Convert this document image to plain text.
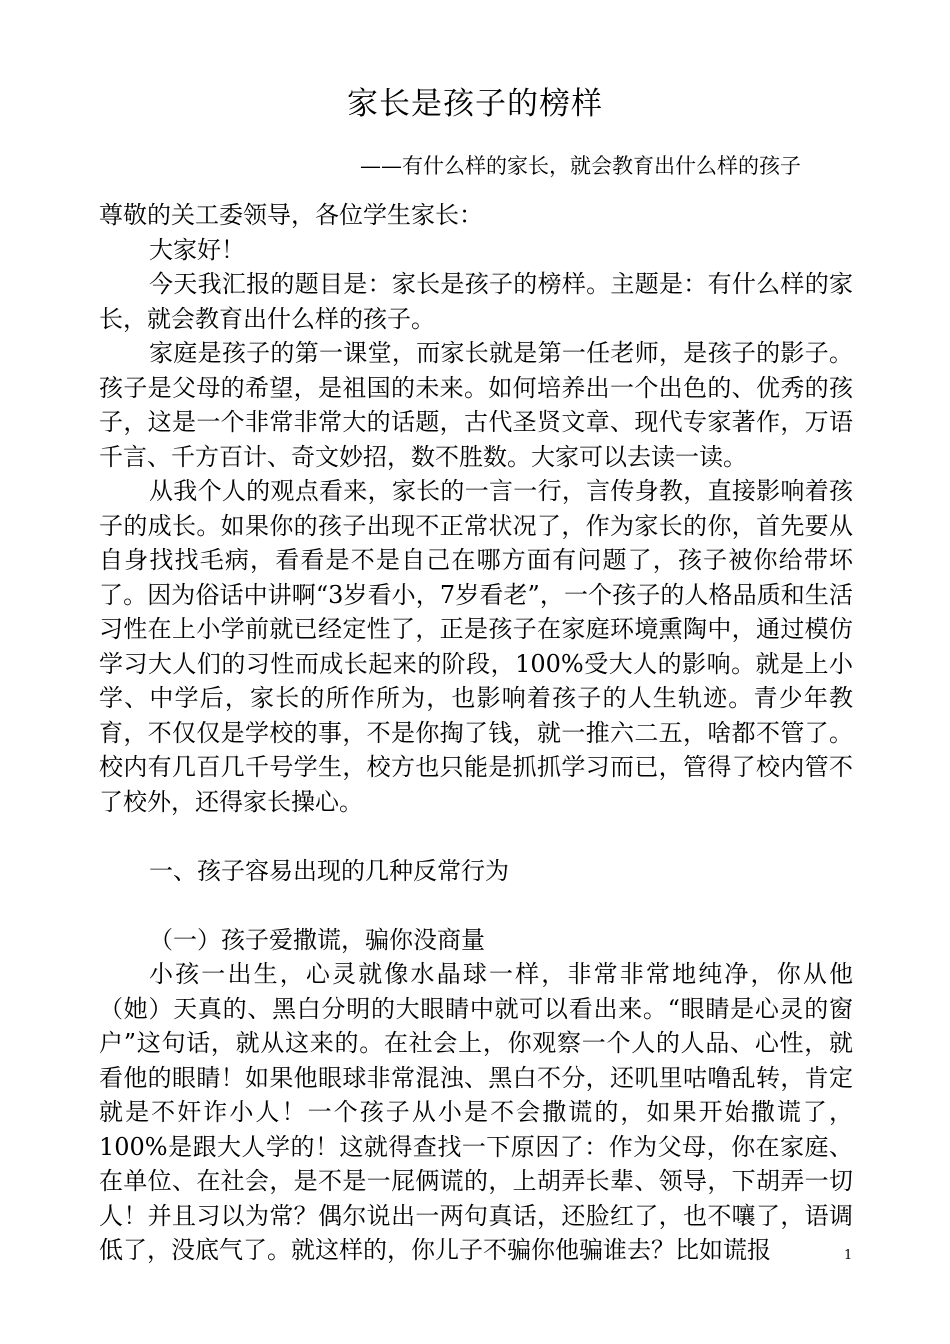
家长是孩子的榜样
——有什么样的家长，就会教育出什么样的孩子

尊敬的关工委领导，各位学生家长：

大家好！

今天我汇报的题目是：家长是孩子的榜样。主题是：有什么样的家长，就会教育出什么样的孩子。

家庭是孩子的第一课堂，而家长就是第一任老师，是孩子的影子。孩子是父母的希望，是祖国的未来。如何培养出一个出色的、优秀的孩子，这是一个非常非常大的话题，古代圣贤文章、现代专家著作，万语千言、千方百计、奇文妙招，数不胜数。大家可以去读一读。

从我个人的观点看来，家长的一言一行，言传身教，直接影响着孩子的成长。如果你的孩子出现不正常状况了，作为家长的你，首先要从自身找找毛病，看看是不是自己在哪方面有问题了，孩子被你给带坏了。因为俗话中讲啊“3岁看小，7岁看老”，一个孩子的人格品质和生活习性在上小学前就已经定性了，正是孩子在家庭环境熏陶中，通过模仿学习大人们的习性而成长起来的阶段，100%受大人的影响。就是上小学、中学后，家长的所作所为，也影响着孩子的人生轨迹。青少年教育，不仅仅是学校的事，不是你掏了钱，就一推六二五，啥都不管了。校内有几百几千号学生，校方也只能是抓抓学习而已，管得了校内管不了校外，还得家长操心。

一、孩子容易出现的几种反常行为

（一）孩子爱撒谎，骗你没商量

小孩一出生，心灵就像水晶球一样，非常非常地纯净，你从他（她）天真的、黑白分明的大眼睛中就可以看出来。“眼睛是心灵的窗户”这句话，就从这来的。在社会上，你观察一个人的人品、心性，就看他的眼睛！如果他眼球非常混浊、黑白不分，还叽里咕噜乱转，肯定就是不奸诈小人！一个孩子从小是不会撒谎的，如果开始撒谎了，100%是跟大人学的！这就得查找一下原因了：作为父母，你在家庭、在单位、在社会，是不是一屁俩谎的，上胡弄长辈、领导，下胡弄一切人！并且习以为常？偶尔说出一两句真话，还脸红了，也不嚷了，语调低了，没底气了。就这样的，你儿子不骗你他骗谁去？比如谎报	1
